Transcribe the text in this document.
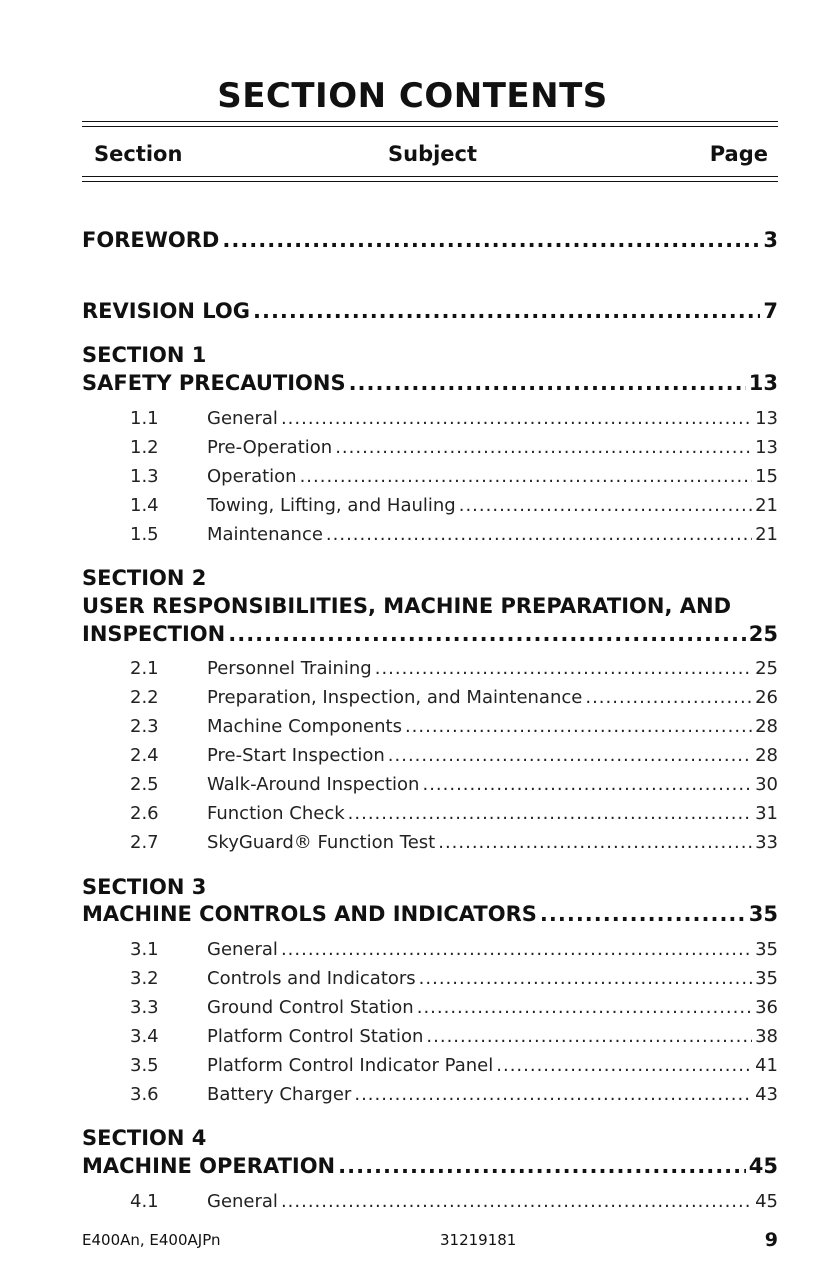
SECTION CONTENTS
Section	Subject	Page
FOREWORD .....	3
REVISION LOG .....	7
SECTION 1
SAFETY PRECAUTIONS .....	13
1.1	General .....	13
1.2	Pre-Operation .....	13
1.3	Operation .....	15
1.4	Towing, Lifting, and Hauling .....	21
1.5	Maintenance .....	21
SECTION 2
USER RESPONSIBILITIES, MACHINE PREPARATION, AND
INSPECTION .....	25
2.1	Personnel Training .....	25
2.2	Preparation, Inspection, and Maintenance .....	26
2.3	Machine Components .....	28
2.4	Pre-Start Inspection .....	28
2.5	Walk-Around Inspection .....	30
2.6	Function Check .....	31
2.7	SkyGuard® Function Test .....	33
SECTION 3
MACHINE CONTROLS AND INDICATORS .....	35
3.1	General .....	35
3.2	Controls and Indicators .....	35
3.3	Ground Control Station .....	36
3.4	Platform Control Station .....	38
3.5	Platform Control Indicator Panel .....	41
3.6	Battery Charger .....	43
SECTION 4
MACHINE OPERATION .....	45
4.1	General .....	45
E400An, E400AJPn	31219181	9
